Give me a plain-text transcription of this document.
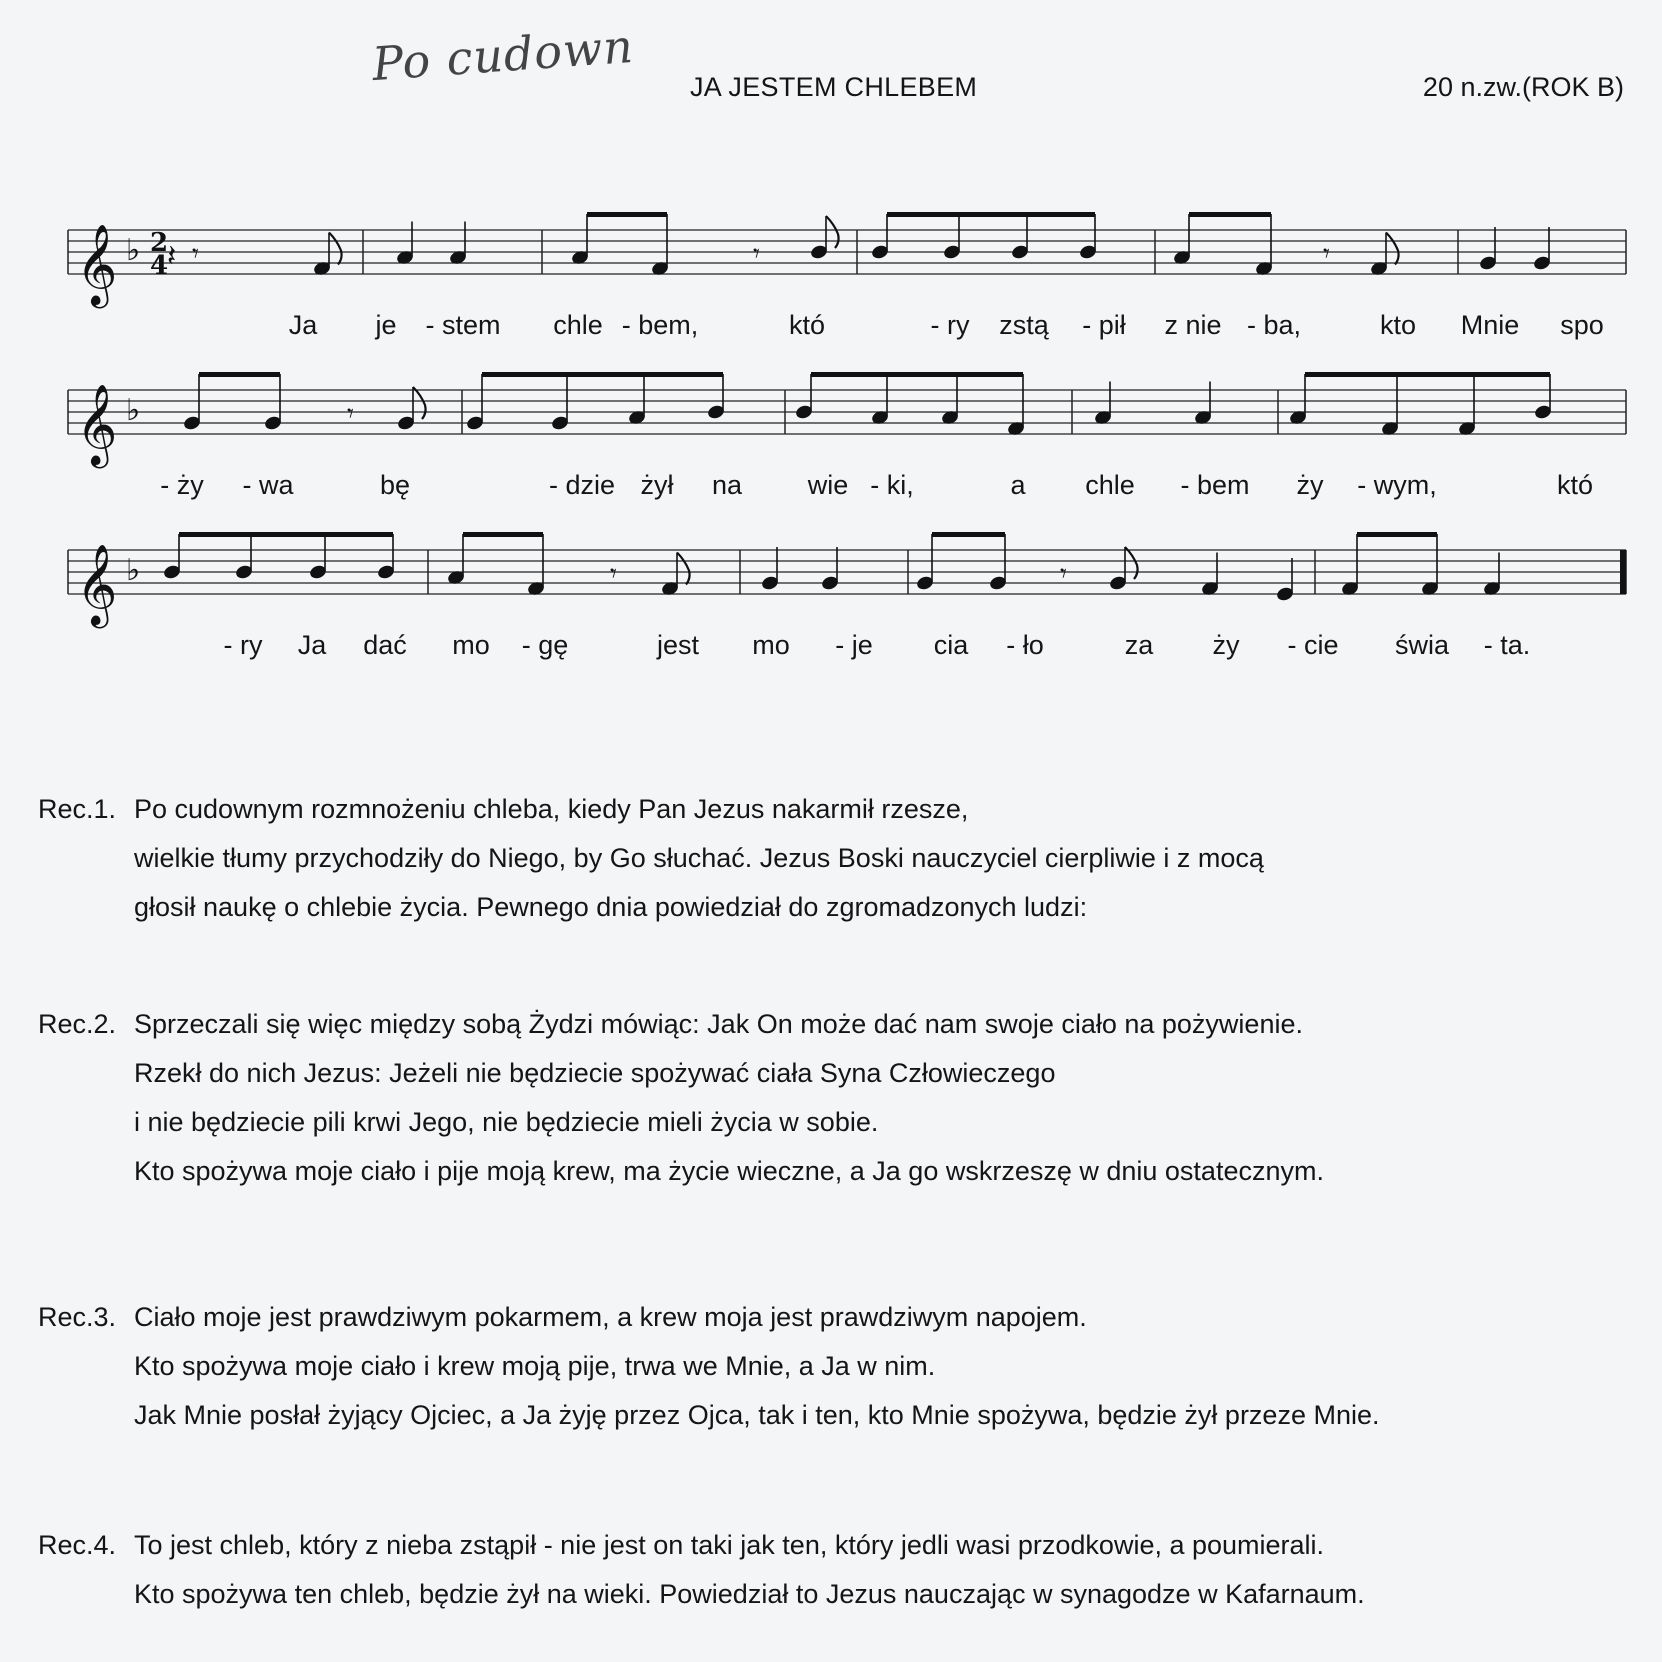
Po cudown JA JESTEM CHLEBEM	20 n.zw.(ROK B)
𝄞 ♭ 2
4	𝄾	𝄾
𝄾
𝄽
Ja je - stem chle - bem,	któ	- ry zstą - pił z nie - ba,	kto Mnie spo
𝄞 ♭	𝄾
- ży - wa	bę	- dzie żył na wie - ki,	a chle - bem ży - wym,	któ
𝄞 ♭	𝄾	𝄾
- ry Ja dać mo - gę	jest mo - je cia - ło	za ży - cie świa - ta.
Rec.1. Po cudownym rozmnożeniu chleba, kiedy Pan Jezus nakarmił rzesze,
wielkie tłumy przychodziły do Niego, by Go słuchać. Jezus Boski nauczyciel cierpliwie i z mocą
głosił naukę o chlebie życia. Pewnego dnia powiedział do zgromadzonych ludzi:
Rec.2. Sprzeczali się więc między sobą Żydzi mówiąc: Jak On może dać nam swoje ciało na pożywienie.
Rzekł do nich Jezus: Jeżeli nie będziecie spożywać ciała Syna Człowieczego
i nie będziecie pili krwi Jego, nie będziecie mieli życia w sobie.
Kto spożywa moje ciało i pije moją krew, ma życie wieczne, a Ja go wskrzeszę w dniu ostatecznym.
Rec.3. Ciało moje jest prawdziwym pokarmem, a krew moja jest prawdziwym napojem.
Kto spożywa moje ciało i krew moją pije, trwa we Mnie, a Ja w nim.
Jak Mnie posłał żyjący Ojciec, a Ja żyję przez Ojca, tak i ten, kto Mnie spożywa, będzie żył przeze Mnie.
Rec.4. To jest chleb, który z nieba zstąpił - nie jest on taki jak ten, który jedli wasi przodkowie, a poumierali.
Kto spożywa ten chleb, będzie żył na wieki. Powiedział to Jezus nauczając w synagodze w Kafarnaum.
